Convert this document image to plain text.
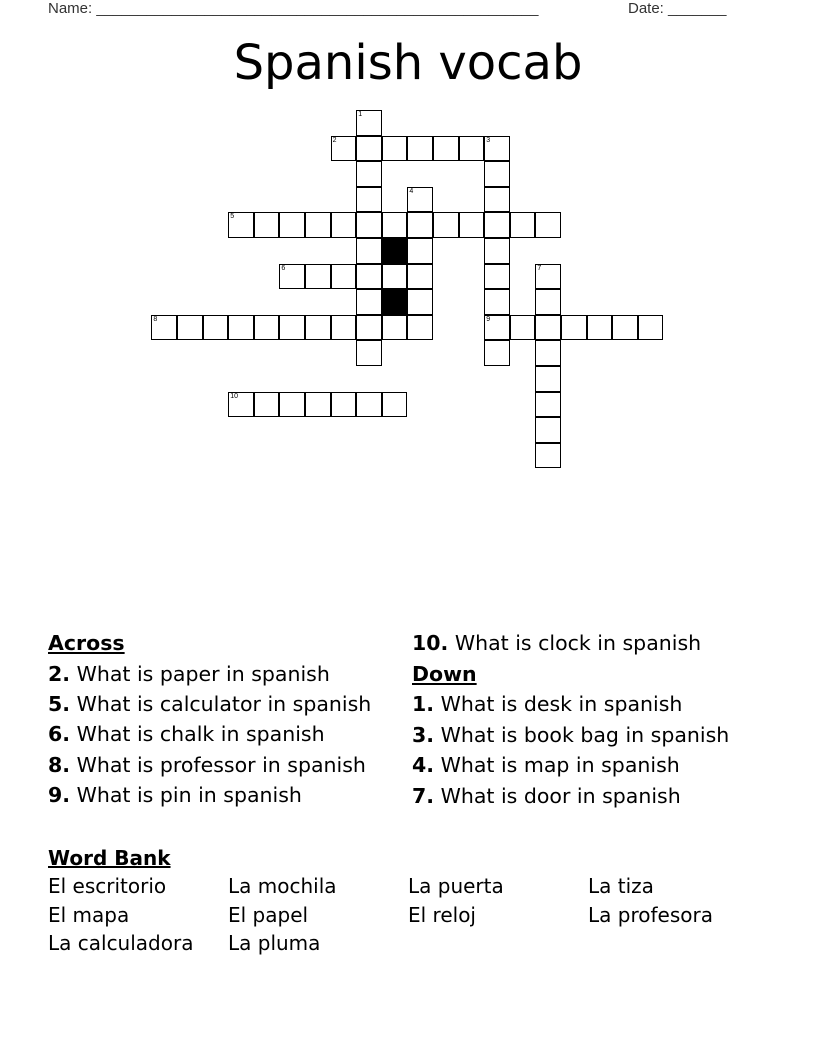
Name: _____________________________________________________	Date: _______
Spanish vocab
1
2	3
9
4
5
6	7
8
10
Across
2. What is paper in spanish
5. What is calculator in spanish
6. What is chalk in spanish
8. What is professor in spanish
9. What is pin in spanish
10. What is clock in spanish
Down
1. What is desk in spanish
3. What is book bag in spanish
4. What is map in spanish
7. What is door in spanish
Word Bank
El escritorio	La mochila	La puerta	La tiza
El mapa	El papel	El reloj	La profesora
La calculadora	La pluma
